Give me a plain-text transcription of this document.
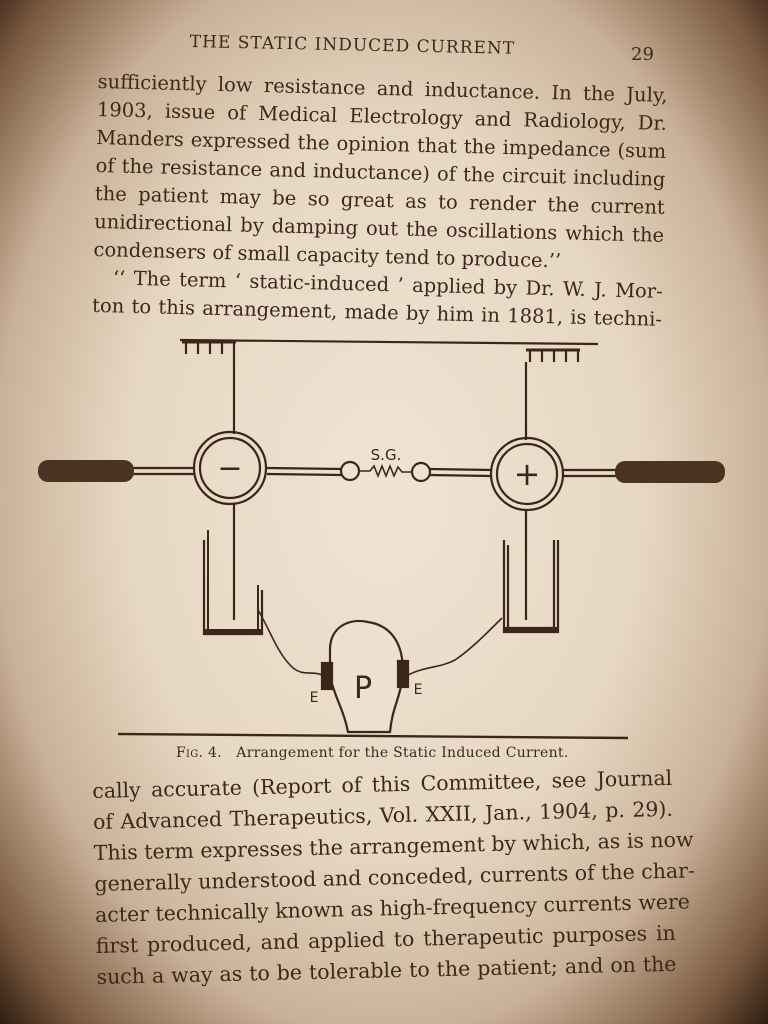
THE STATIC INDUCED CURRENT	29
sufficiently low resistance and inductance. In the July,
1903, issue of Medical Electrology and Radiology, Dr.
Manders expressed the opinion that the impedance (sum
of the resistance and inductance) of the circuit including
the patient may be so great as to render the current
unidirectional by damping out the oscillations which the
condensers of small capacity tend to produce.’’
‘‘ The term ‘ static-induced ’ applied by Dr. W. J. Mor-
ton to this arrangement, made by him in 1881, is techni-
−	+
S.G.
P
E	E
Fig. 4. Arrangement for the Static Induced Current.
cally accurate (Report of this Committee, see Journal
of Advanced Therapeutics, Vol. XXII, Jan., 1904, p. 29).
This term expresses the arrangement by which, as is now
generally understood and conceded, currents of the char-
acter technically known as high-frequency currents were
first produced, and applied to therapeutic purposes in
such a way as to be tolerable to the patient; and on the
